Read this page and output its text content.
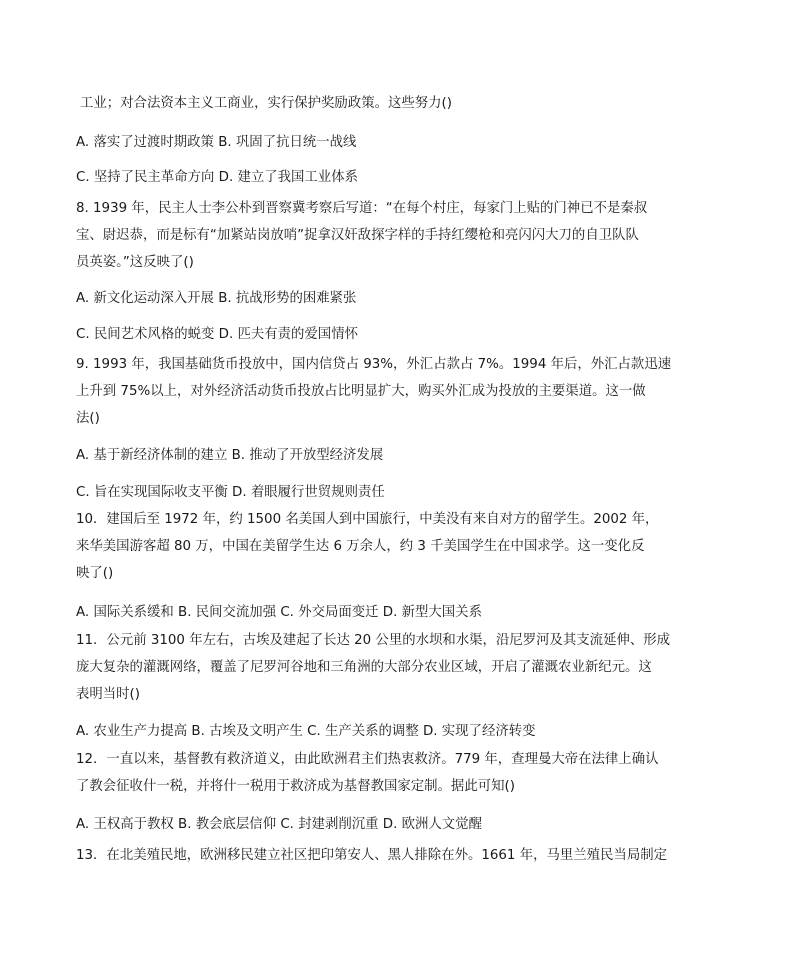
工业；对合法资本主义工商业，实行保护奖励政策。这些努力()
A. 落实了过渡时期政策 B. 巩固了抗日统一战线
C. 坚持了民主革命方向 D. 建立了我国工业体系
8. 1939 年，民主人士李公朴到晋察冀考察后写道：“在每个村庄，每家门上贴的门神已不是秦叔
宝、尉迟恭，而是标有“加紧站岗放哨”捉拿汉奸敌探字样的手持红缨枪和亮闪闪大刀的自卫队队
员英姿。”这反映了()
A. 新文化运动深入开展 B. 抗战形势的困难紧张
C. 民间艺术风格的蜕变 D. 匹夫有责的爱国情怀
9. 1993 年，我国基础货币投放中，国内信贷占 93%，外汇占款占 7%。1994 年后，外汇占款迅速
上升到 75%以上，对外经济活动货币投放占比明显扩大，购买外汇成为投放的主要渠道。这一做
法()
A. 基于新经济体制的建立 B. 推动了开放型经济发展
C. 旨在实现国际收支平衡 D. 着眼履行世贸规则责任
10．建国后至 1972 年，约 1500 名美国人到中国旅行，中美没有来自对方的留学生。2002 年，
来华美国游客超 80 万，中国在美留学生达 6 万余人，约 3 千美国学生在中国求学。这一变化反
映了()
A. 国际关系缓和 B. 民间交流加强 C. 外交局面变迁 D. 新型大国关系
11．公元前 3100 年左右，古埃及建起了长达 20 公里的水坝和水渠，沿尼罗河及其支流延伸、形成
庞大复杂的灌溉网络，覆盖了尼罗河谷地和三角洲的大部分农业区域，开启了灌溉农业新纪元。这
表明当时()
A. 农业生产力提高 B. 古埃及文明产生 C. 生产关系的调整 D. 实现了经济转变
12．一直以来，基督教有救济道义，由此欧洲君主们热衷救济。779 年，查理曼大帝在法律上确认
了教会征收什一税，并将什一税用于救济成为基督教国家定制。据此可知()
A. 王权高于教权 B. 教会底层信仰 C. 封建剥削沉重 D. 欧洲人文觉醒
13．在北美殖民地，欧洲移民建立社区把印第安人、黑人排除在外。1661 年，马里兰殖民当局制定
